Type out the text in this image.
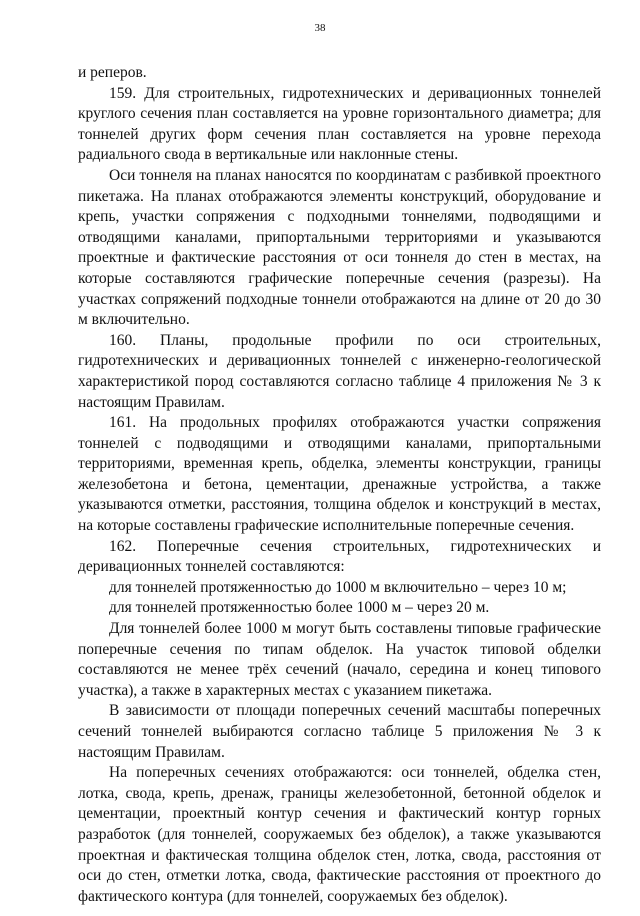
38

и реперов.

159. Для строительных, гидротехнических и деривационных тоннелей круглого сечения план составляется на уровне горизонтального диаметра; для тоннелей других форм сечения план составляется на уровне перехода радиального свода в вертикальные или наклонные стены.

Оси тоннеля на планах наносятся по координатам с разбивкой проектного пикетажа. На планах отображаются элементы конструкций, оборудование и крепь, участки сопряжения с подходными тоннелями, подводящими и отводящими каналами, припортальными территориями и указываются проектные и фактические расстояния от оси тоннеля до стен в местах, на которые составляются графические поперечные сечения (разрезы). На участках сопряжений подходные тоннели отображаются на длине от 20 до 30 м включительно.

160. Планы, продольные профили по оси строительных, гидротехнических и деривационных тоннелей с инженерно-геологической характеристикой пород составляются согласно таблице 4 приложения № 3 к настоящим Правилам.

161. На продольных профилях отображаются участки сопряжения тоннелей с подводящими и отводящими каналами, припортальными территориями, временная крепь, обделка, элементы конструкции, границы железобетона и бетона, цементации, дренажные устройства, а также указываются отметки, расстояния, толщина обделок и конструкций в местах, на которые составлены графические исполнительные поперечные сечения.

162. Поперечные сечения строительных, гидротехнических и деривационных тоннелей составляются:

для тоннелей протяженностью до 1000 м включительно – через 10 м;

для тоннелей протяженностью более 1000 м – через 20 м.

Для тоннелей более 1000 м могут быть составлены типовые графические поперечные сечения по типам обделок. На участок типовой обделки составляются не менее трёх сечений (начало, середина и конец типового участка), а также в характерных местах с указанием пикетажа.

В зависимости от площади поперечных сечений масштабы поперечных сечений тоннелей выбираются согласно таблице 5 приложения № 3 к настоящим Правилам.

На поперечных сечениях отображаются: оси тоннелей, обделка стен, лотка, свода, крепь, дренаж, границы железобетонной, бетонной обделок и цементации, проектный контур сечения и фактический контур горных разработок (для тоннелей, сооружаемых без обделок), а также указываются проектная и фактическая толщина обделок стен, лотка, свода, расстояния от оси до стен, отметки лотка, свода, фактические расстояния от проектного до фактического контура (для тоннелей, сооружаемых без обделок).
